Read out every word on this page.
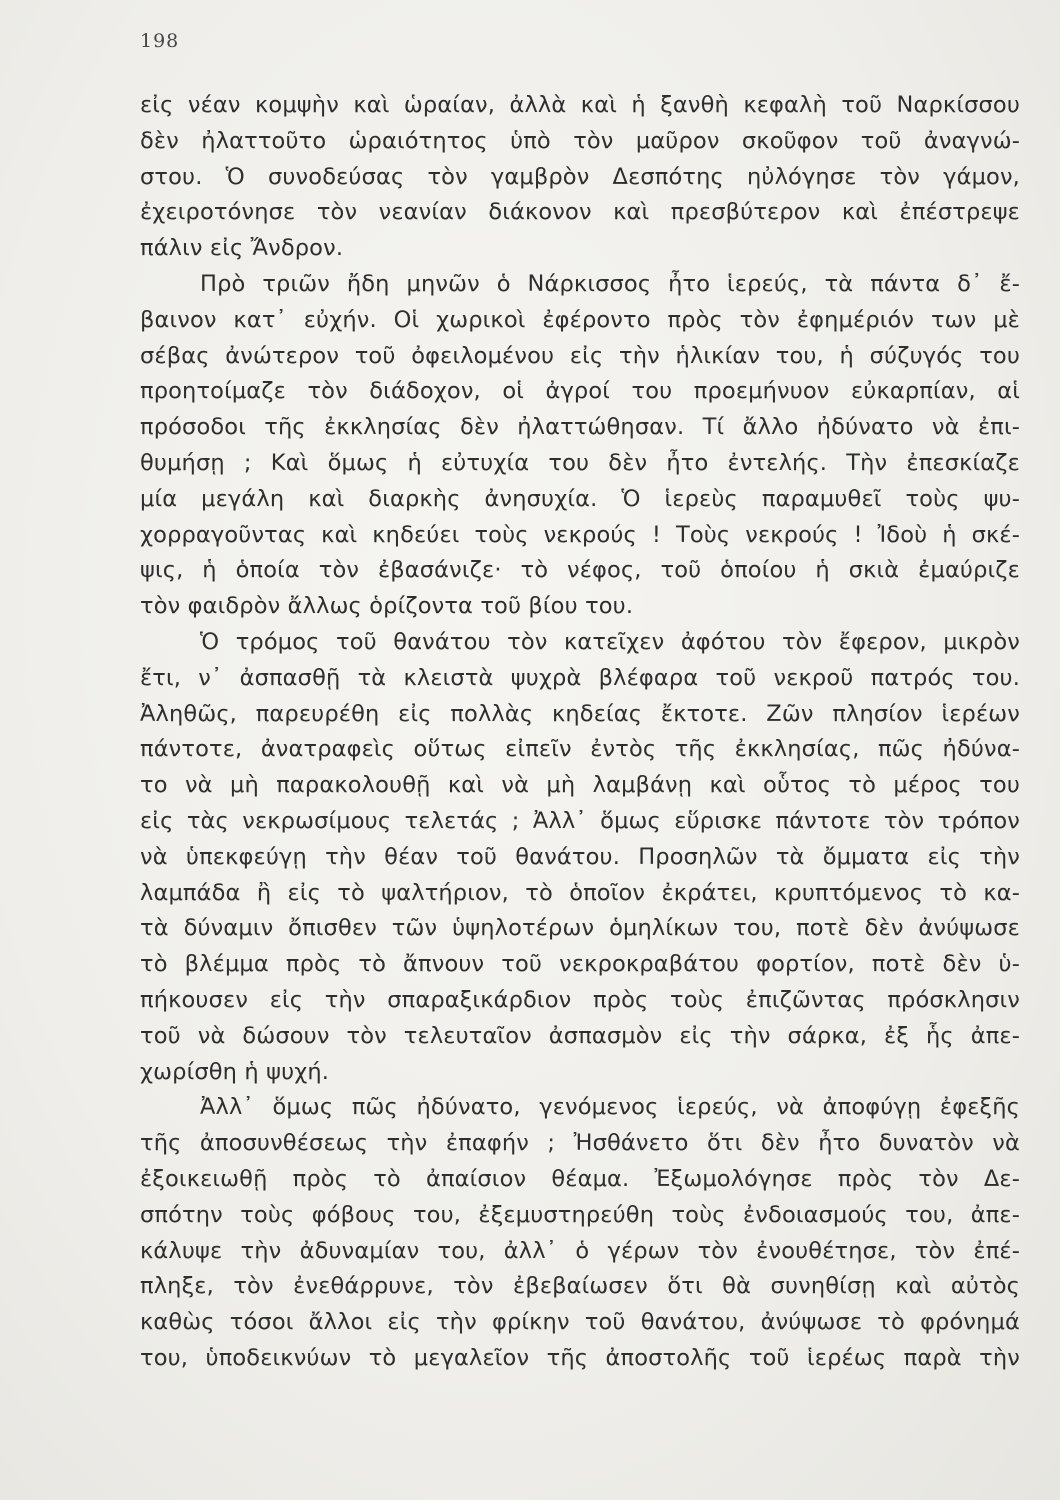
198
εἰς νέαν κομψὴν καὶ ὡραίαν, ἀλλὰ καὶ ἡ ξανθὴ κεφαλὴ τοῦ Ναρκίσσου
δὲν ἠλαττοῦτο ὡραιότητος ὑπὸ τὸν μαῦρον σκοῦφον τοῦ ἀναγνώ-
στου. Ὁ συνοδεύσας τὸν γαμβρὸν Δεσπότης ηὐλόγησε τὸν γάμον,
ἐχειροτόνησε τὸν νεανίαν διάκονον καὶ πρεσβύτερον καὶ ἐπέστρεψε
πάλιν εἰς Ἄνδρον.
Πρὸ τριῶν ἤδη μηνῶν ὁ Νάρκισσος ἦτο ἱερεύς, τὰ πάντα δ᾽ ἔ-
βαινον κατ᾽ εὐχήν. Οἱ χωρικοὶ ἐφέροντο πρὸς τὸν ἐφημέριόν των μὲ
σέβας ἀνώτερον τοῦ ὀφειλομένου εἰς τὴν ἡλικίαν του, ἡ σύζυγός του
προητοίμαζε τὸν διάδοχον, οἱ ἀγροί του προεμήνυον εὐκαρπίαν, αἱ
πρόσοδοι τῆς ἐκκλησίας δὲν ἠλαττώθησαν. Τί ἄλλο ἠδύνατο νὰ ἐπι-
θυμήσῃ ; Καὶ ὅμως ἡ εὐτυχία του δὲν ἦτο ἐντελής. Τὴν ἐπεσκίαζε
μία μεγάλη καὶ διαρκὴς ἀνησυχία. Ὁ ἱερεὺς παραμυθεῖ τοὺς ψυ-
χορραγοῦντας καὶ κηδεύει τοὺς νεκρούς ! Τοὺς νεκρούς ! Ἰδοὺ ἡ σκέ-
ψις, ἡ ὁποία τὸν ἐβασάνιζε· τὸ νέφος, τοῦ ὁποίου ἡ σκιὰ ἐμαύριζε
τὸν φαιδρὸν ἄλλως ὁρίζοντα τοῦ βίου του.
Ὁ τρόμος τοῦ θανάτου τὸν κατεῖχεν ἀφότου τὸν ἔφερον, μικρὸν
ἔτι, ν᾽ ἀσπασθῇ τὰ κλειστὰ ψυχρὰ βλέφαρα τοῦ νεκροῦ πατρός του.
Ἀληθῶς, παρευρέθη εἰς πολλὰς κηδείας ἔκτοτε. Ζῶν πλησίον ἱερέων
πάντοτε, ἀνατραφεὶς οὕτως εἰπεῖν ἐντὸς τῆς ἐκκλησίας, πῶς ἠδύνα-
το νὰ μὴ παρακολουθῇ καὶ νὰ μὴ λαμβάνῃ καὶ οὗτος τὸ μέρος του
εἰς τὰς νεκρωσίμους τελετάς ; Ἀλλ᾽ ὅμως εὕρισκε πάντοτε τὸν τρόπον
νὰ ὑπεκφεύγῃ τὴν θέαν τοῦ θανάτου. Προσηλῶν τὰ ὄμματα εἰς τὴν
λαμπάδα ἢ εἰς τὸ ψαλτήριον, τὸ ὁποῖον ἐκράτει, κρυπτόμενος τὸ κα-
τὰ δύναμιν ὄπισθεν τῶν ὑψηλοτέρων ὁμηλίκων του, ποτὲ δὲν ἀνύψωσε
τὸ βλέμμα πρὸς τὸ ἄπνουν τοῦ νεκροκραβάτου φορτίον, ποτὲ δὲν ὑ-
πήκουσεν εἰς τὴν σπαραξικάρδιον πρὸς τοὺς ἐπιζῶντας πρόσκλησιν
τοῦ νὰ δώσουν τὸν τελευταῖον ἀσπασμὸν εἰς τὴν σάρκα, ἐξ ἧς ἀπε-
χωρίσθη ἡ ψυχή.
Ἀλλ᾽ ὅμως πῶς ἠδύνατο, γενόμενος ἱερεύς, νὰ ἀποφύγῃ ἐφεξῆς
τῆς ἀποσυνθέσεως τὴν ἐπαφήν ; Ἠσθάνετο ὅτι δὲν ἦτο δυνατὸν νὰ
ἐξοικειωθῇ πρὸς τὸ ἀπαίσιον θέαμα. Ἐξωμολόγησε πρὸς τὸν Δε-
σπότην τοὺς φόβους του, ἐξεμυστηρεύθη τοὺς ἐνδοιασμούς του, ἀπε-
κάλυψε τὴν ἀδυναμίαν του, ἀλλ᾽ ὁ γέρων τὸν ἐνουθέτησε, τὸν ἐπέ-
πληξε, τὸν ἐνεθάρρυνε, τὸν ἐβεβαίωσεν ὅτι θὰ συνηθίσῃ καὶ αὐτὸς
καθὼς τόσοι ἄλλοι εἰς τὴν φρίκην τοῦ θανάτου, ἀνύψωσε τὸ φρόνημά
του, ὑποδεικνύων τὸ μεγαλεῖον τῆς ἀποστολῆς τοῦ ἱερέως παρὰ τὴν
